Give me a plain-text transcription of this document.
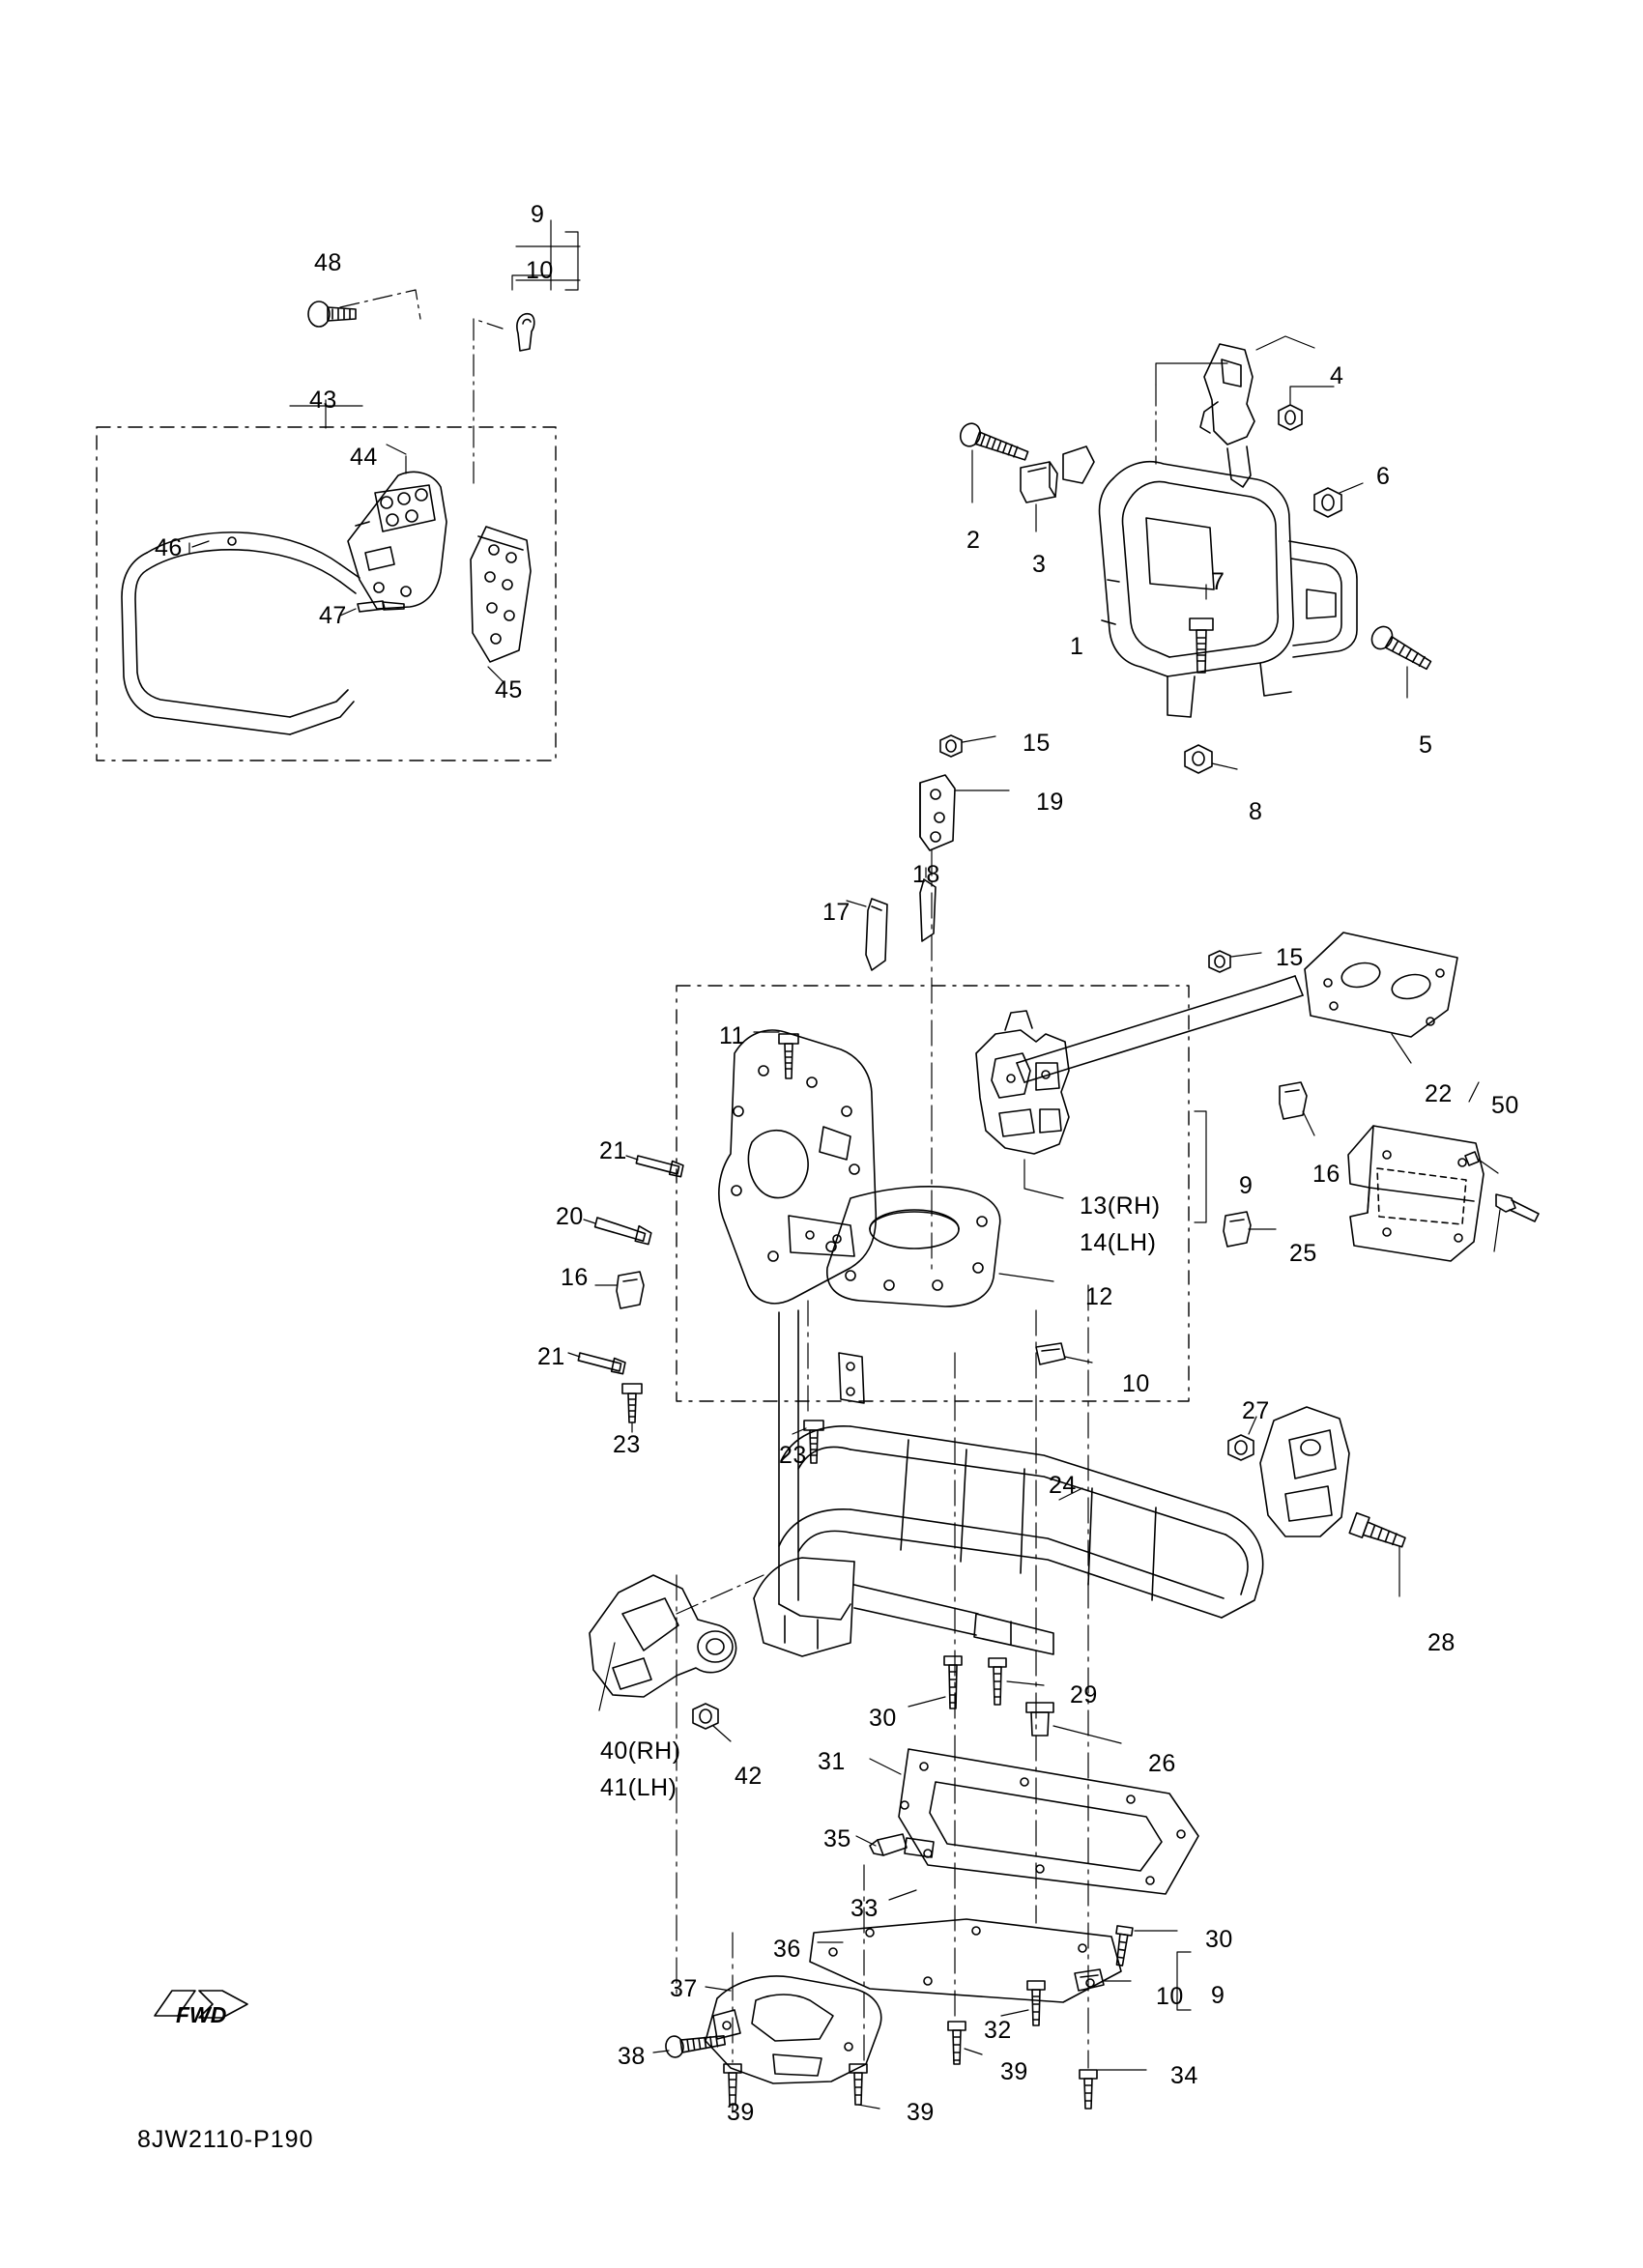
FWD
8JW2110-P190
48
9
10
43
44
46
47
45
4
2
3
6
7
1
5
8
15
19
18
17
15
22 50
11
21
20
16
16
9
13(RH)
14(LH)	25
12
21
10
23	23
27
24
28
40(RH)
41(LH) 42
30
29
26
31
35
33
36	30
37	10 9
32
38
39	34
39	39
